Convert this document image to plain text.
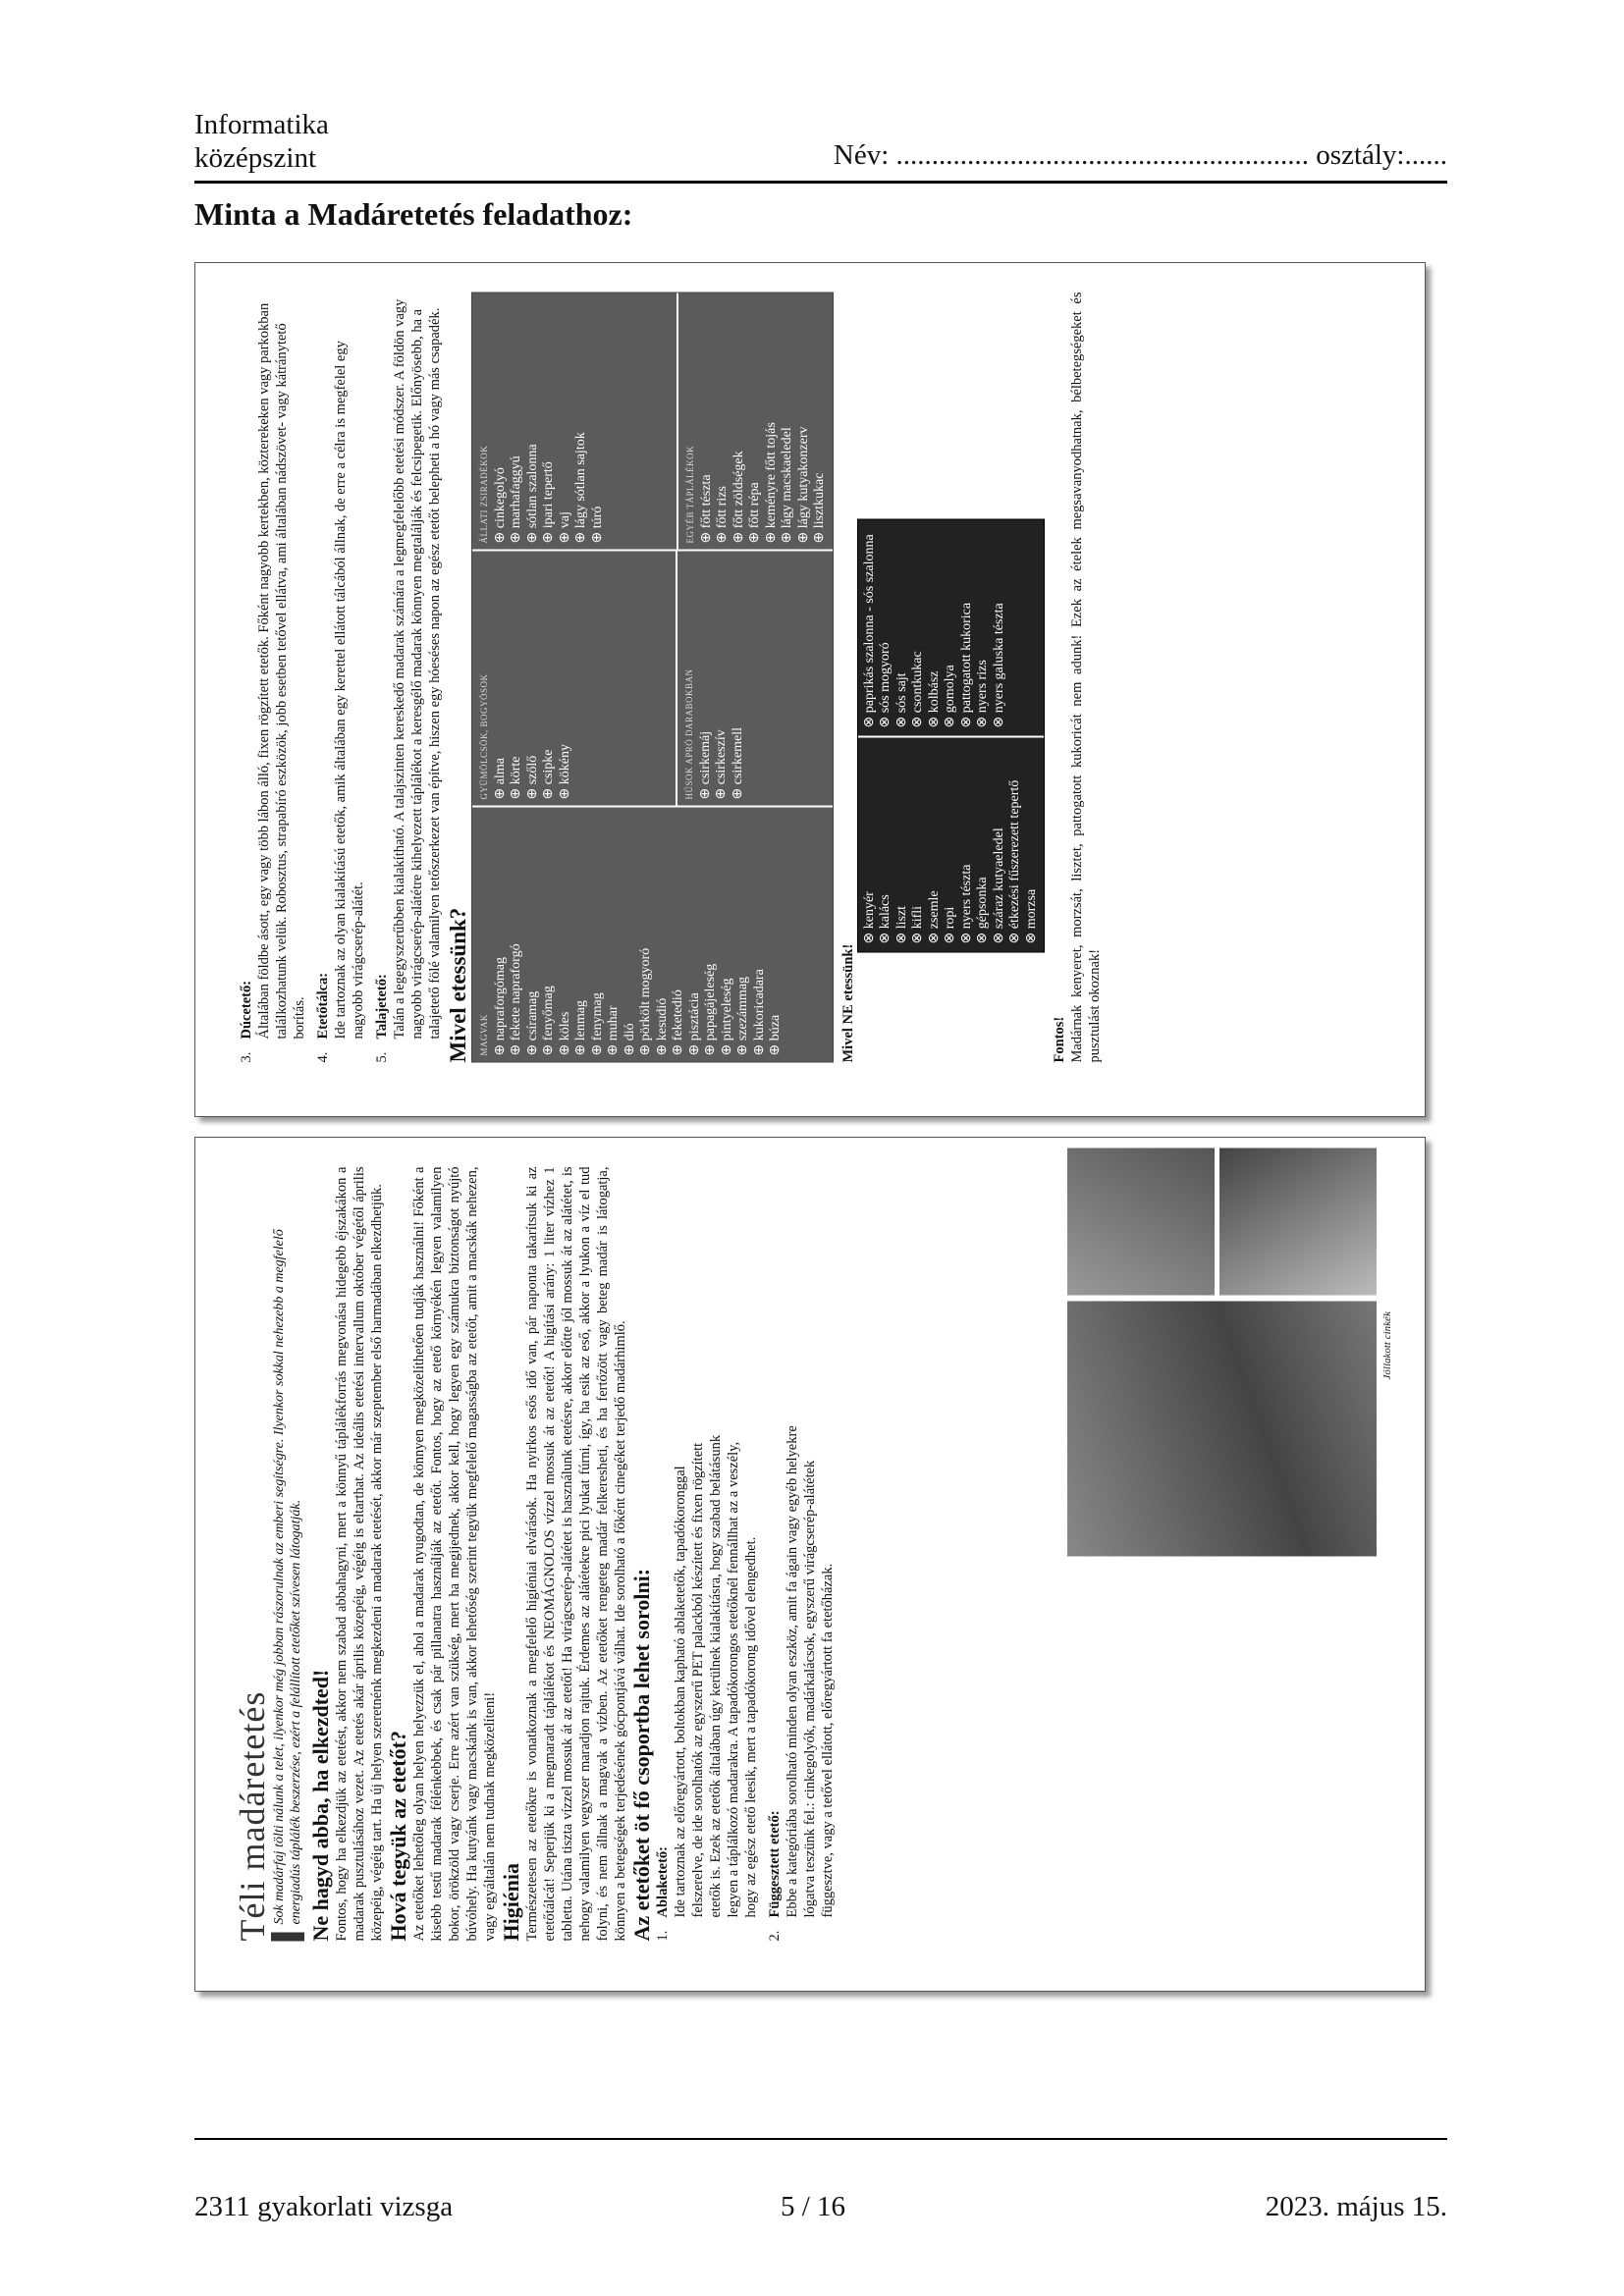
Informatika
középszint	Név: .......................................................... osztály:......
Minta a Madáretetés feladathoz:
3.
Dúcetető: Általában földbe ásott, egy vagy több lábon álló, fixen rögzített etetők. Főként nagyobb kertekben, közterekeken vagy parkokban találkozhatunk velük. Robosztus, strapabíró eszközök, jobb esetben tetővel ellátva, ami általában nádszövet- vagy kátránytető borítás.
4.
Etetőtálca: Ide tartoznak az olyan kialakítású etetők, amik általában egy kerettel ellátott tálcából állnak, de erre a célra is megfelel egy nagyobb virágcserép-alátét.
5.
Talajetető: Talán a legegyszerűbben kialakítható. A talajszinten kereskedő madarak számára a legmegfelelőbb etetési módszer. A földön vagy nagyobb virágcserép-alátétre kihelyezett táplálékot a keresgélő madarak könnyen megtalálják és felcsipegetik. Előnyösebb, ha a talajetető fölé valamilyen tetőszerkezet van építve, hiszen egy hóeséses napon az egész etetőt belepheti a hó vagy más csapadék. Mivel etessünk?	MAGVAK ⊕ napraforgómag ⊕ fekete napraforgó ⊕ csíramag ⊕ fenyőmag ⊕ köles ⊕ lenmag ⊕ fenymag ⊕ muhar ⊕ dió ⊕ pörkölt mogyoró ⊕ kesudió ⊕ feketedió ⊕ pisztácia ⊕ papagájeleség ⊕ pintyeleség ⊕ szezámmag ⊕ kukoricadara ⊕ búza
GYÜMÖLCSÖK, BOGYÓSOK ⊕ alma ⊕ körte ⊕ szőlő ⊕ csipke ⊕ kökény	HÚSOK APRÓ DARABOKBAN ⊕ csirkemáj ⊕ csirkeszív ⊕ csirkemell
ÁLLATI ZSIRADÉKOK ⊕ cinkegolyó ⊕ marhafaggyú ⊕ sótlan szalonna ⊕ ipari tepertő ⊕ vaj ⊕ lágy sótlan sajtok ⊕ túró	EGYÉB TÁPLÁLÉKOK ⊕ főtt tészta ⊕ főtt rizs ⊕ főtt zöldségek ⊕ főtt répa ⊕ keményre főtt tojás ⊕ lágy macskaeledel ⊕ lágy kutyakonzerv ⊕ lisztkukac
Mivel NE etessünk!
⊗ kenyér ⊗ kalács ⊗ liszt ⊗ kifli ⊗ zsemle ⊗ ropi ⊗ nyers tészta ⊗ gépsonka ⊗ száraz kutyaeledel ⊗ étkezési fűszerezett tepertő ⊗ morzsa
⊗ paprikás szalonna - sós szalonna ⊗ sós mogyoró ⊗ sós sajt ⊗ csontkukac ⊗ kolbász ⊗ gomolya ⊗ pattogatott kukorica ⊗ nyers rizs ⊗ nyers galuska tészta
Fontos! Madárnak kenyeret, morzsát, lisztet, pattogatott kukoricát nem adunk! Ezek az ételek megsavanyodhatnak, bélbetegségeket és pusztulást okoznak!

Téli madáretetés Sok madárfaj tölti nálunk a telet, ilyenkor még jobban rászorulnak az emberi segítségre. Ilyenkor sokkal nehezebb a megfelelő energiadús táplálék beszerzése, ezért a felállított etetőket szívesen látogatják. Ne hagyd abba, ha elkezdted! Fontos, hogy ha elkezdjük az etetést, akkor nem szabad abbahagyni, mert a könnyű táplálékforrás megvonása hidegebb éjszakákon a madarak pusztulásához vezet. Az etetés akár április közepéig, végéig is eltarthat. Az ideális etetési intervallum október végétől április közepéig, végéig tart. Ha új helyen szeretnénk megkezdeni a madarak etetését, akkor már szeptember első harmadában elkezdhetjük. Hová tegyük az etetőt? Az etetőket lehetőleg olyan helyen helyezzük el, ahol a madarak nyugodtan, de könnyen megközelíthetően tudják használni! Főként a kisebb testű madarak félénkebbek, és csak pár pillanatra használják az etetőt. Fontos, hogy az etető környékén legyen valamilyen bokor, örökzöld vagy cserje. Erre azért van szükség, mert ha megijednek, akkor kell, hogy legyen egy számukra biztonságot nyújtó búvóhely. Ha kutyánk vagy macskánk is van, akkor lehetőség szerint tegyük megfelelő magasságba az etetőt, amit a macskák nehezen, vagy egyáltalán nem tudnak megközelíteni! Higiénia Természetesen az etetőkre is vonatkoznak a megfelelő higiéniai elvárások. Ha nyirkos esős idő van, pár naponta takarítsuk ki az etetőtálcát! Seperjük ki a megmaradt táplálékot és NEOMÁGNOLOS vízzel mossuk át az etetőt! A higítási arány: 1 liter vízhez 1 tabletta. Utána tiszta vízzel mossuk át az etetőt! Ha virágcserép-alátétet is használunk etetésre, akkor előtte jól mossuk át az alátétet, is nehogy valamilyen vegyszer maradjon rajtuk. Érdemes az alátétekre pici lyukat fúrni, így, ha esik az eső, akkor a lyukon a víz el tud folyni, és nem állnak a magvak a vízben. Az etetőket rengeteg madár felkeresheti, és ha fertőzött vagy beteg madár is látogatja, könnyen a betegségek terjedésének gócpontjává válhat. Ide sorolható a főként cinegéket terjedő madárhimlő. Az etetőket öt fő csoportba lehet sorolni: 1.
Ablaketető: Ide tartoznak az előregyártott, boltokban kapható ablaketetők, tapadókoronggal felszerelve, de ide sorolhatók az egyszerű PET palackból készített és fixen rögzített etetők is. Ezek az etetők általában úgy kerülnek kialakításra, hogy szabad belátásunk legyen a táplálkozó madarakra. A tapadókorongos etetőknél fennállhat az a veszély, hogy az egész etető leesik, mert a tapadókorong idővel elengedhet.
2.
Függesztett etető: Ebbe a kategóriába sorolható minden olyan eszköz, amit fa ágain vagy egyéb helyekre lógatva teszünk fel.: cinkegolyók, madárkalácsok, egyszerű virágcserép-alátétek függesztve, vagy a tetővel ellátott, előregyártott fa etetőházak.
Jóllakott cinkék
2311 gyakorlati vizsga	5 / 16	2023. május 15.
